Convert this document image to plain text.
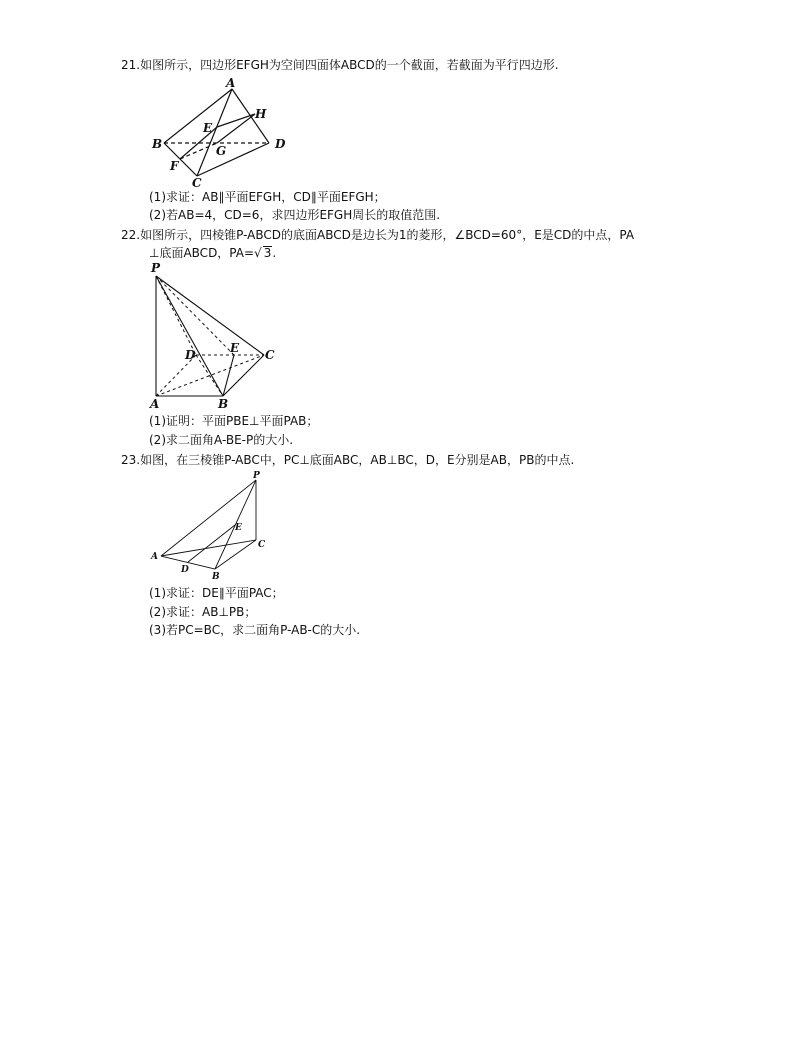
21.如图所示，四边形EFGH为空间四面体ABCD的一个截面，若截面为平行四边形.
A
H
E
B	G	D
F
C
(1)求证：AB∥平面EFGH，CD∥平面EFGH；
(2)若AB=4，CD=6，求四边形EFGH周长的取值范围.
22.如图所示，四棱锥P-ABCD的底面ABCD是边长为1的菱形，∠BCD=60°，E是CD的中点，PA
⊥底面ABCD，PA=√ 3.
P
D	E C
A	B
(1)证明：平面PBE⊥平面PAB；
(2)求二面角A-BE-P的大小.
23.如图，在三棱锥P-ABC中，PC⊥底面ABC，AB⊥BC，D，E分别是AB，PB的中点.
P
E
C
A
D
B
(1)求证：DE∥平面PAC；
(2)求证：AB⊥PB；
(3)若PC=BC，求二面角P-AB-C的大小.
